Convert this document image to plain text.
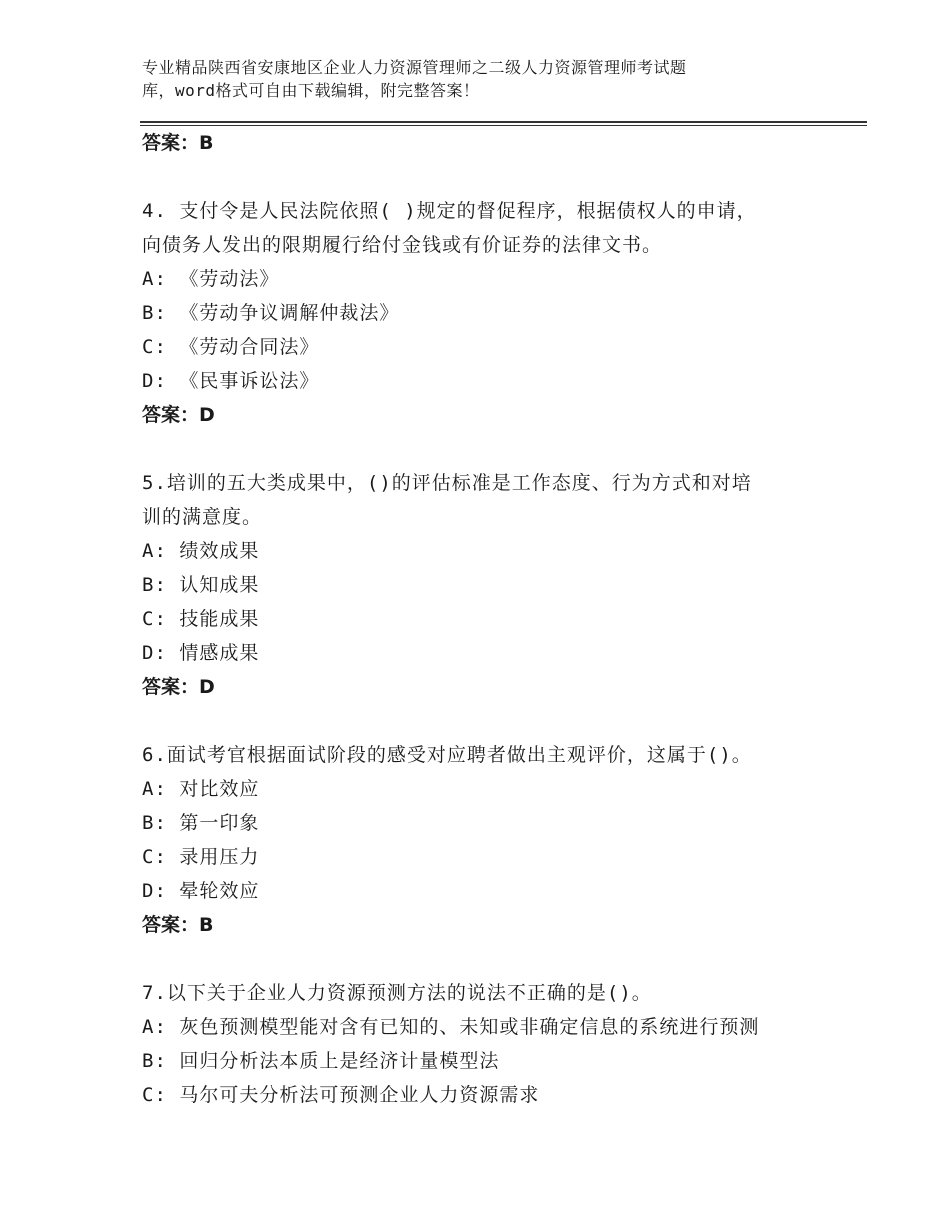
专业精品陕西省安康地区企业人力资源管理师之二级人力资源管理师考试题
库，word格式可自由下载编辑，附完整答案！
答案：B
4. 支付令是人民法院依照( )规定的督促程序，根据债权人的申请，
向债务人发出的限期履行给付金钱或有价证券的法律文书。
A: 《劳动法》
B: 《劳动争议调解仲裁法》
C: 《劳动合同法》
D: 《民事诉讼法》
答案：D
5.培训的五大类成果中，()的评估标准是工作态度、行为方式和对培
训的满意度。
A: 绩效成果
B: 认知成果
C: 技能成果
D: 情感成果
答案：D
6.面试考官根据面试阶段的感受对应聘者做出主观评价，这属于()。
A: 对比效应
B: 第一印象
C: 录用压力
D: 晕轮效应
答案：B
7.以下关于企业人力资源预测方法的说法不正确的是()。
A: 灰色预测模型能对含有已知的、未知或非确定信息的系统进行预测
B: 回归分析法本质上是经济计量模型法
C: 马尔可夫分析法可预测企业人力资源需求
